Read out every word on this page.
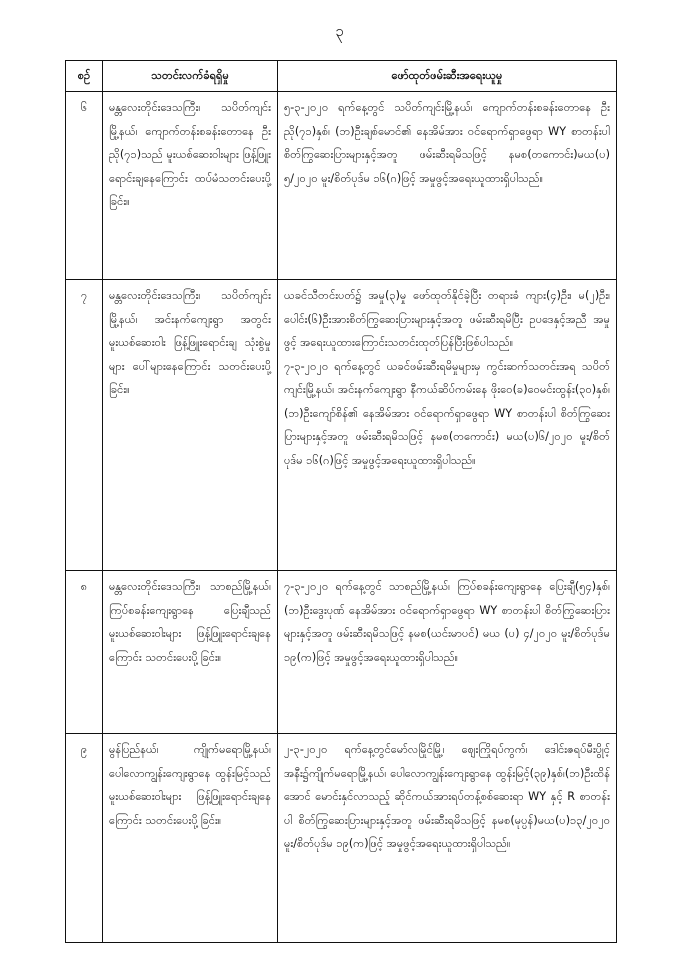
၃
စဉ်	သတင်းလက်ခံရရှိမှု	ဖော်ထုတ်ဖမ်းဆီးအရေးယူမှု
၆	မန္တလေးတိုင်းဒေသကြီး၊ သပိတ်ကျင်းမြို့နယ်၊ ကျောက်တန်းစခန်းတောနေ ဦးညို(၇၁)သည် မူးယစ်ဆေးဝါးများ ဖြန့်ဖြူးရောင်းချနေကြောင်း ထပ်မံသတင်းပေးပို့ခြင်း။	၅-၃-၂၀၂၀ ရက်နေ့တွင် သပိတ်ကျင်းမြို့နယ်၊ ကျောက်တန်းစခန်းတောနေ ဦးညို(၇၁)နှစ်၊ (ဘ)ဦးချစ်မောင်၏ နေအိမ်အား ဝင်ရောက်ရှာဖွေရာ WY စာတန်းပါ စိတ်ကြွဆေးပြားများနှင့်အတူ ဖမ်းဆီးရမိသဖြင့် နမစ(တကောင်း)မယ(ပ) ၅/၂၀၂၀ မူး/စိတ်ပုဒ်မ ၁၆(ဂ)ဖြင့် အမှုဖွင့်အရေးယူထားရှိပါသည်။

၇	မန္တလေးတိုင်းဒေသကြီး၊ သပိတ်ကျင်းမြို့နယ်၊ အင်းနက်ကျေးရွာ အတွင်း မူးယစ်ဆေးဝါး ဖြန့်ဖြူးရောင်းချ သုံးစွဲမှုများ ပေါ်များနေကြောင်း သတင်းပေးပို့ခြင်း။	ယခင်သီတင်းပတ်၌ အမှု(၃)မှု ဖော်ထုတ်နိုင်ခဲ့ပြီး တရားခံ ကျား(၄)ဦး၊ မ(၂)ဦး၊ ပေါင်း(၆)ဦးအားစိတ်ကြွဆေးပြားများနှင့်အတူ ဖမ်းဆီးရမိပြီး ဥပဒေနှင့်အညီ အမှုဖွင့် အရေးယူထားကြောင်းသတင်းထုတ်ပြန်ပြီးဖြစ်ပါသည်။
၇-၃-၂၀၂၀ ရက်နေ့တွင် ယခင်ဖမ်းဆီးရမိမှုများမှ ကွင်းဆက်သတင်းအရ သပိတ်ကျင်းမြို့နယ်၊ အင်းနက်ကျေးရွာ နီကယ်ဆိပ်ကမ်းနေ ဖိုးဝေ(ခ)ဝေမင်းထွန်း(၃၀)နှစ်၊ (ဘ)ဦးကျော်စိန်၏ နေအိမ်အား ဝင်ရောက်ရှာဖွေရာ WY စာတန်းပါ စိတ်ကြွဆေးပြားများနှင့်အတူ ဖမ်းဆီးရမိသဖြင့် နမစ(တကောင်း) မယ(ပ)၆/၂၀၂၀ မူး/စိတ်ပုဒ်မ ၁၆(ဂ)ဖြင့် အမှုဖွင့်အရေးယူထားရှိပါသည်။

၈	မန္တလေးတိုင်းဒေသကြီး၊ သာစည်မြို့နယ်၊ ကြပ်စခန်းကျေးရွာနေ ပြေးချီသည် မူးယစ်ဆေးဝါးများ ဖြန့်ဖြူးရောင်းချနေကြောင်း သတင်းပေးပို့ခြင်း။	၇-၃-၂၀၂၀ ရက်နေ့တွင် သာစည်မြို့နယ်၊ ကြပ်စခန်းကျေးရွာနေ ပြေးချီ(၅၄)နှစ်၊(ဘ)ဦးဒွေးပုဏ် နေအိမ်အား ဝင်ရောက်ရှာဖွေရာ WY စာတန်းပါ စိတ်ကြွဆေးပြားများနှင့်အတူ ဖမ်းဆီးရမိသဖြင့် နမစ(ယင်းမာပင်) မယ (ပ) ၄/၂၀၂၀ မူး/စိတ်ပုဒ်မ ၁၉(က)ဖြင့် အမှုဖွင့်အရေးယူထားရှိပါသည်။

၉	မွန်ပြည်နယ်၊ ကျိုက်မရောမြို့နယ်၊ ပေါလောကျွန်းကျေးရွာနေ ထွန်းမြင့်သည် မူးယစ်ဆေးဝါးများ ဖြန့်ဖြူးရောင်းချနေကြောင်း သတင်းပေးပို့ခြင်း။	၂-၃-၂၀၂၀ ရက်နေ့တွင်မော်လမြိုင်မြို့၊ ဈေးကြိုရပ်ကွက်၊ ဒေါင်းဇရပ်မီးပွိုင့်အနီး၌ကျိုက်မရောမြို့နယ်၊ ပေါလောကျွန်းကျေးရွာနေ ထွန်းမြင့်(၃၉)နှစ်၊(ဘ)ဦးထိန်အောင် မောင်းနှင်လာသည့် ဆိုင်ကယ်အားရပ်တန့်စစ်ဆေးရာ WY နှင့် R စာတန်းပါ စိတ်ကြွဆေးပြားများနှင့်အတူ ဖမ်းဆီးရမိသဖြင့် နမစ(မုပ္ပန်)မယ(ပ)၁၃/၂၀၂၀ မူး/စိတ်ပုဒ်မ ၁၉(က)ဖြင့် အမှုဖွင့်အရေးယူထားရှိပါသည်။
